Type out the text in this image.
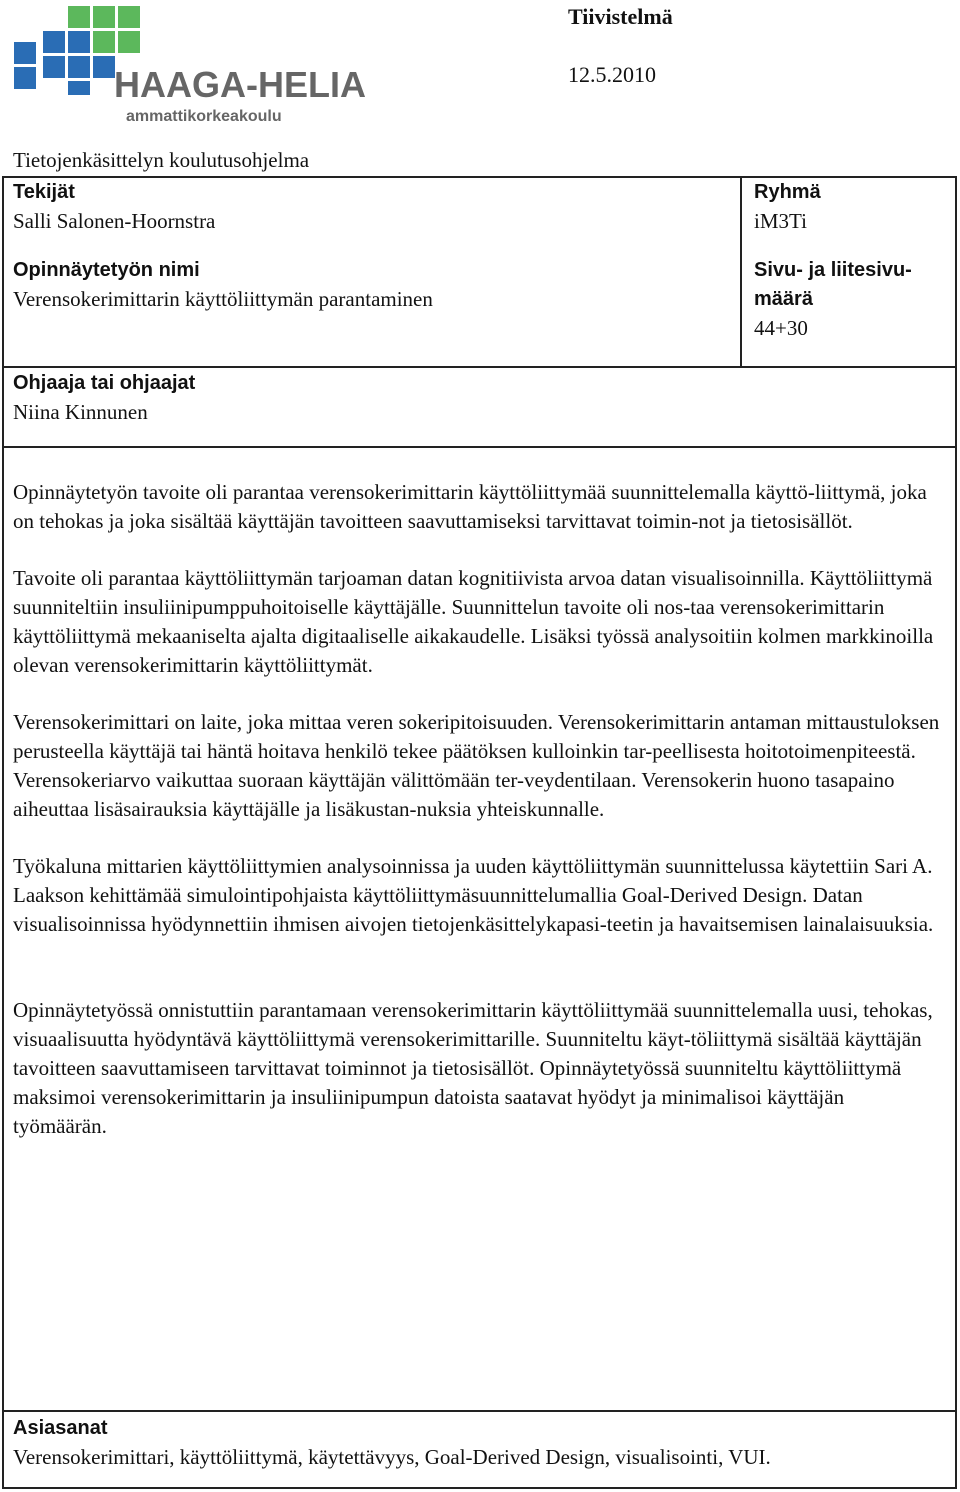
HAAGA-HELIA
ammattikorkeakoulu
Tiivistelmä
12.5.2010
Tietojenkäsittelyn koulutusohjelma
Tekijät
Salli Salonen-Hoornstra
Opinnäytetyön nimi
Verensokerimittarin käyttöliittymän parantaminen
Ohjaaja tai ohjaajat
Niina Kinnunen
Ryhmä
iM3Ti
Sivu- ja liitesivu-
määrä
44+30

Opinnäytetyön tavoite oli parantaa verensokerimittarin käyttöliittymää suunnittelemalla käyttö-liittymä, joka on tehokas ja joka sisältää käyttäjän tavoitteen saavuttamiseksi tarvittavat toimin-not ja tietosisällöt.

Tavoite oli parantaa käyttöliittymän tarjoaman datan kognitiivista arvoa datan visualisoinnilla. Käyttöliittymä suunniteltiin insuliinipumppuhoitoiselle käyttäjälle. Suunnittelun tavoite oli nos-taa verensokerimittarin käyttöliittymä mekaaniselta ajalta digitaaliselle aikakaudelle. Lisäksi työssä analysoitiin kolmen markkinoilla olevan verensokerimittarin käyttöliittymät.

Verensokerimittari on laite, joka mittaa veren sokeripitoisuuden. Verensokerimittarin antaman mittaustuloksen perusteella käyttäjä tai häntä hoitava henkilö tekee päätöksen kulloinkin tar-peellisesta hoitotoimenpiteestä. Verensokeriarvo vaikuttaa suoraan käyttäjän välittömään ter-veydentilaan. Verensokerin huono tasapaino aiheuttaa lisäsairauksia käyttäjälle ja lisäkustan-nuksia yhteiskunnalle.

Työkaluna mittarien käyttöliittymien analysoinnissa ja uuden käyttöliittymän suunnittelussa käytettiin Sari A. Laakson kehittämää simulointipohjaista käyttöliittymäsuunnittelumallia Goal-Derived Design. Datan visualisoinnissa hyödynnettiin ihmisen aivojen tietojenkäsittelykapasi-teetin ja havaitsemisen lainalaisuuksia.

Opinnäytetyössä onnistuttiin parantamaan verensokerimittarin käyttöliittymää suunnittelemalla uusi, tehokas, visuaalisuutta hyödyntävä käyttöliittymä verensokerimittarille. Suunniteltu käyt-töliittymä sisältää käyttäjän tavoitteen saavuttamiseen tarvittavat toiminnot ja tietosisällöt. Opinnäytetyössä suunniteltu käyttöliittymä maksimoi verensokerimittarin ja insuliinipumpun datoista saatavat hyödyt ja minimalisoi käyttäjän työmäärän.

Asiasanat
Verensokerimittari, käyttöliittymä, käytettävyys, Goal-Derived Design, visualisointi, VUI.
